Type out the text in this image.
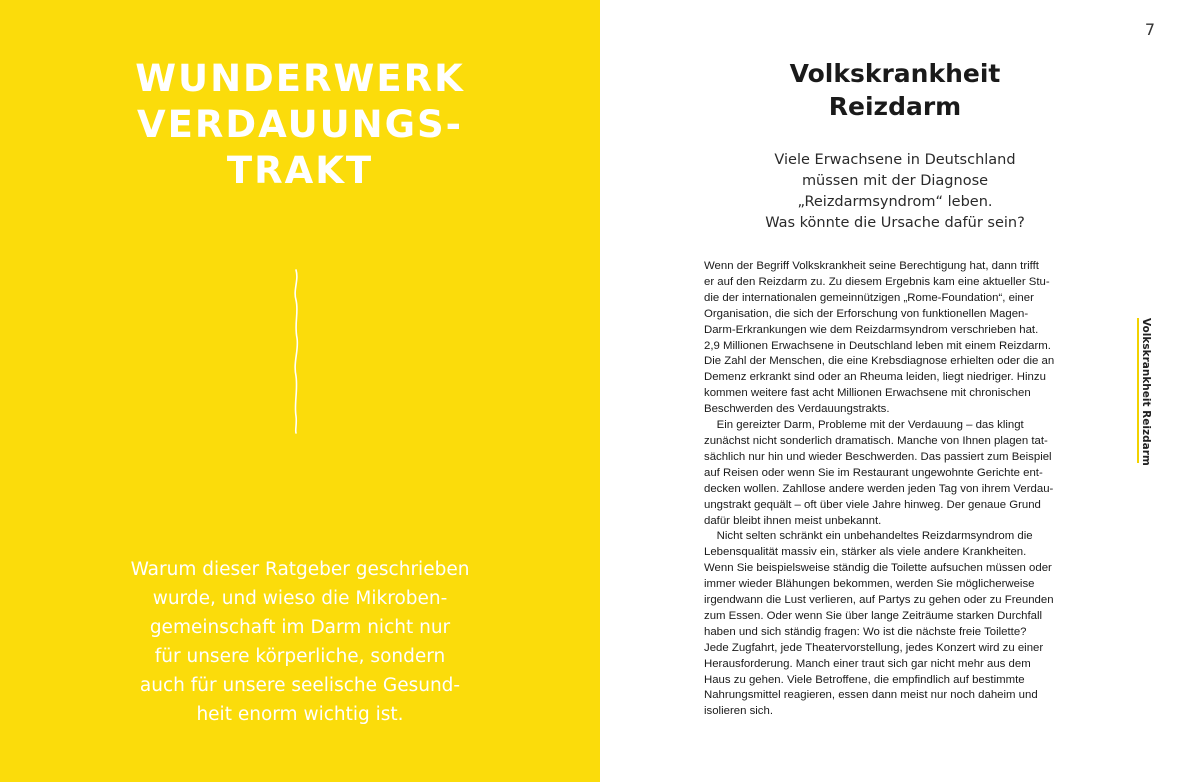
WUNDERWERK
VERDAUUNGS-
TRAKT
Warum dieser Ratgeber geschrieben
wurde, und wieso die Mikroben-
gemeinschaft im Darm nicht nur
für unsere körperliche, sondern
auch für unsere seelische Gesund-
heit enorm wichtig ist.
7
Volkskrankheit
Reizdarm
Viele Erwachsene in Deutschland
müssen mit der Diagnose
„Reizdarmsyndrom“ leben.
Was könnte die Ursache dafür sein?
Wenn der Begriff Volkskrankheit seine Berechtigung hat, dann trifft
er auf den Reizdarm zu. Zu diesem Ergebnis kam eine aktueller Stu-
die der internationalen gemeinnützigen „Rome-Foundation“, einer
Organisation, die sich der Erforschung von funktionellen Magen-
Darm-Erkrankungen wie dem Reizdarmsyndrom verschrieben hat.
2,9 Millionen Erwachsene in Deutschland leben mit einem Reizdarm.
Die Zahl der Menschen, die eine Krebsdiagnose erhielten oder die an
Demenz erkrankt sind oder an Rheuma leiden, liegt niedriger. Hinzu
kommen weitere fast acht Millionen Erwachsene mit chronischen
Beschwerden des Verdauungstrakts.
Ein gereizter Darm, Probleme mit der Verdauung – das klingt
zunächst nicht sonderlich dramatisch. Manche von Ihnen plagen tat-
sächlich nur hin und wieder Beschwerden. Das passiert zum Beispiel
auf Reisen oder wenn Sie im Restaurant ungewohnte Gerichte ent-
decken wollen. Zahllose andere werden jeden Tag von ihrem Verdau-
ungstrakt gequält – oft über viele Jahre hinweg. Der genaue Grund
dafür bleibt ihnen meist unbekannt.
Nicht selten schränkt ein unbehandeltes Reizdarmsyndrom die
Lebensqualität massiv ein, stärker als viele andere Krankheiten.
Wenn Sie beispielsweise ständig die Toilette aufsuchen müssen oder
immer wieder Blähungen bekommen, werden Sie möglicherweise
irgendwann die Lust verlieren, auf Partys zu gehen oder zu Freunden
zum Essen. Oder wenn Sie über lange Zeiträume starken Durchfall
haben und sich ständig fragen: Wo ist die nächste freie Toilette?
Jede Zugfahrt, jede Theatervorstellung, jedes Konzert wird zu einer
Herausforderung. Manch einer traut sich gar nicht mehr aus dem
Haus zu gehen. Viele Betroffene, die empfindlich auf bestimmte
Nahrungsmittel reagieren, essen dann meist nur noch daheim und
isolieren sich.
Volkskrankheit Reizdarm
